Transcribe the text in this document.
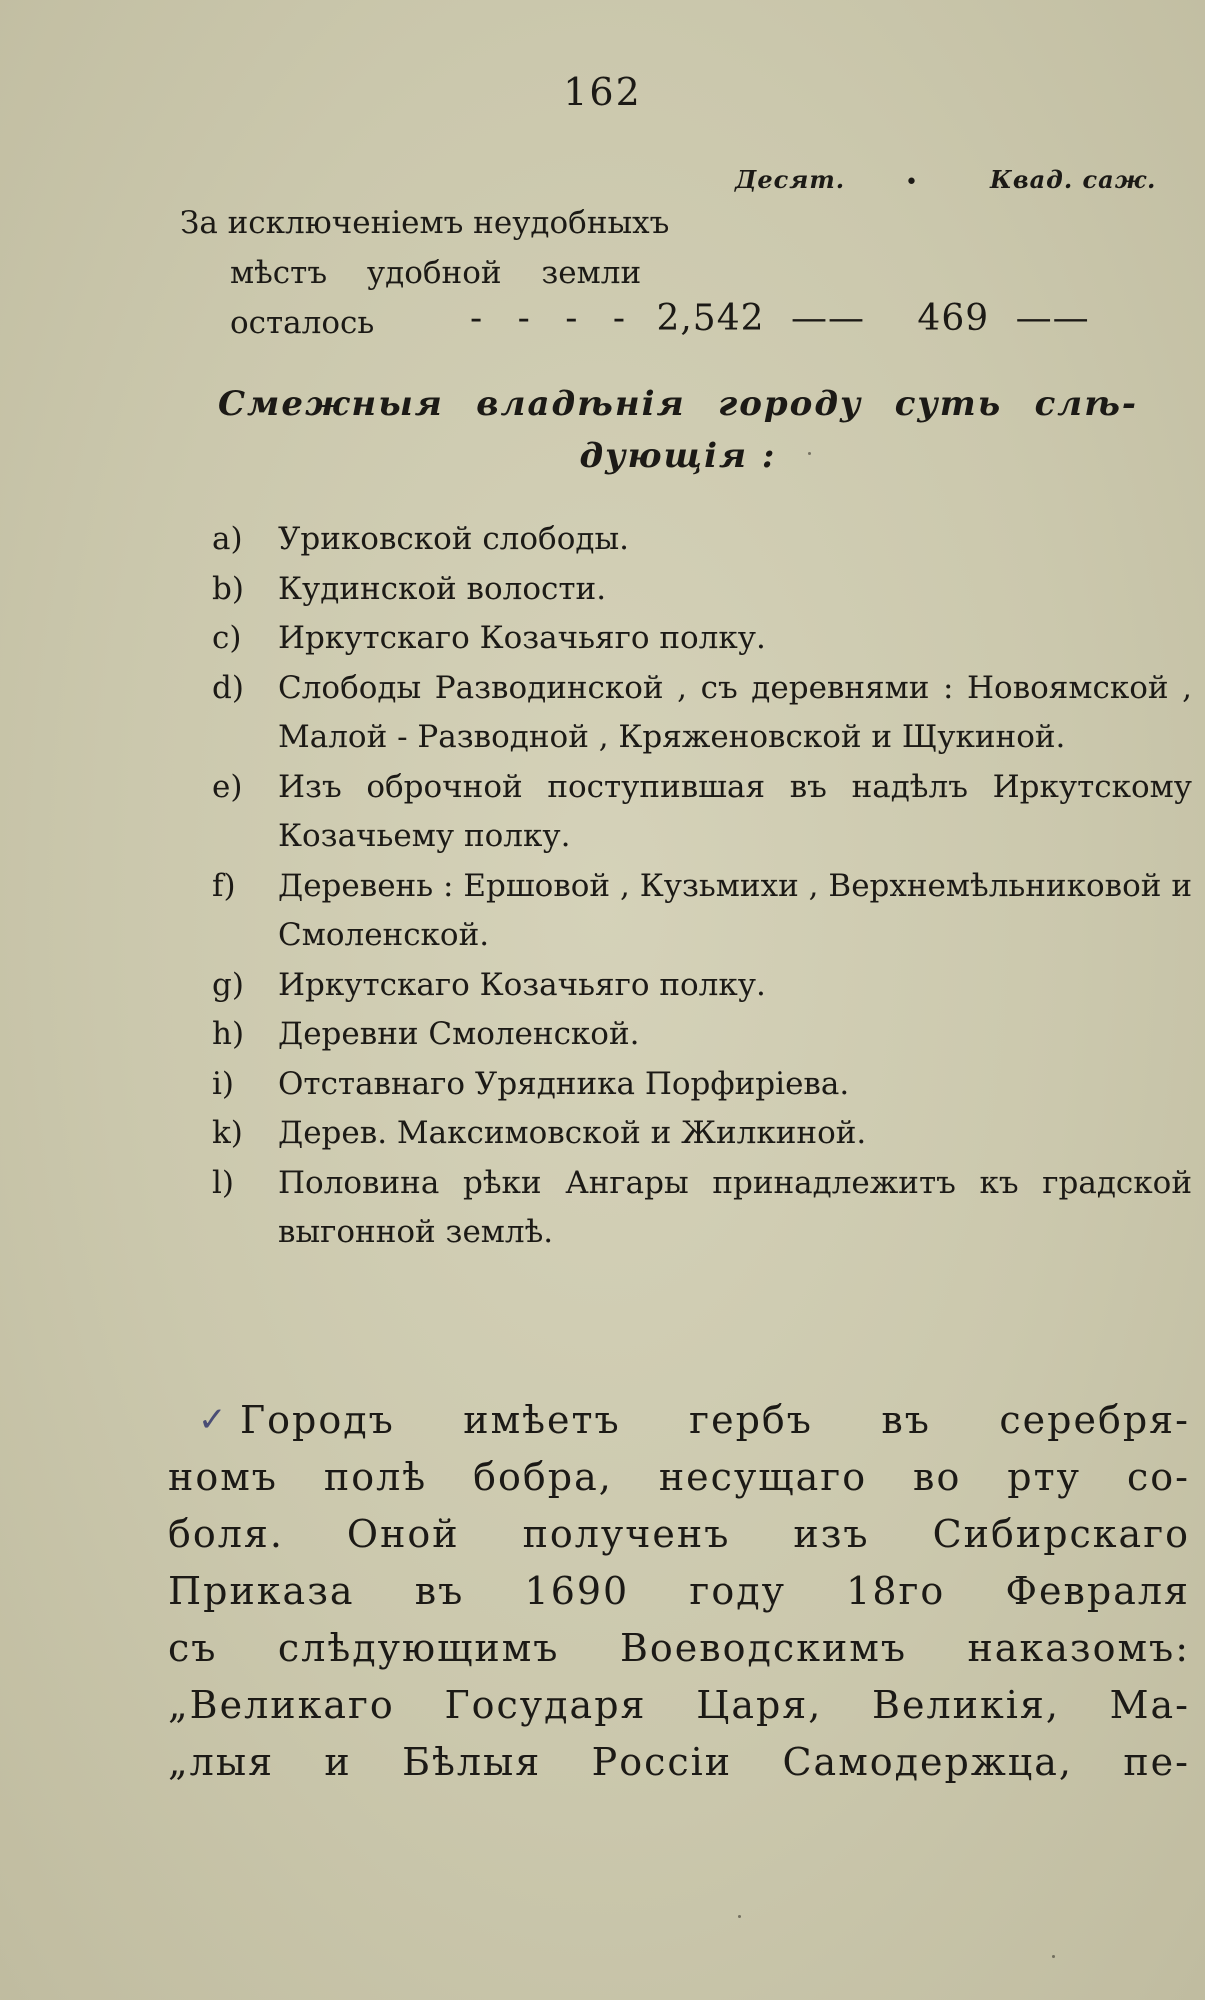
162
Десят.	•	Квад. саж.
За исключеніемъ неудобныхъ
мѣстъ удобной земли
осталось	- - - - 2,542 —— 469 ——
Смежныя владѣнія городу суть слѣ-
дующія :
a)	Уриковской слободы.
b)	Кудинской волости.
c)	Иркутскаго Козачьяго полку.
d)	Слободы Разводинской , съ деревнями : Новоямской , Малой - Разводной , Кряженовской и Щукиной.
e)	Изъ оброчной поступившая въ надѣлъ Иркутскому Козачьему полку.
f)	Деревень : Ершовой , Кузьмихи , Верхнемѣльниковой и Смоленской.
g)	Иркутскаго Козачьяго полку.
h)	Деревни Смоленской.
i)	Отставнаго Урядника Порфиріева.
k)	Дерев. Максимовской и Жилкиной.
l)	Половина рѣки Ангары принадлежитъ къ градской выгонной землѣ.
✓ Городъ имѣетъ гербъ въ серебря-
номъ полѣ бобра, несущаго во рту со-
боля. Оной полученъ изъ Сибирскаго
Приказа въ 1690 году 18го Февраля
съ слѣдующимъ Воеводскимъ наказомъ:
„Великаго Государя Царя, Великія, Ма-
„лыя и Бѣлыя Россіи Самодержца, пе-
